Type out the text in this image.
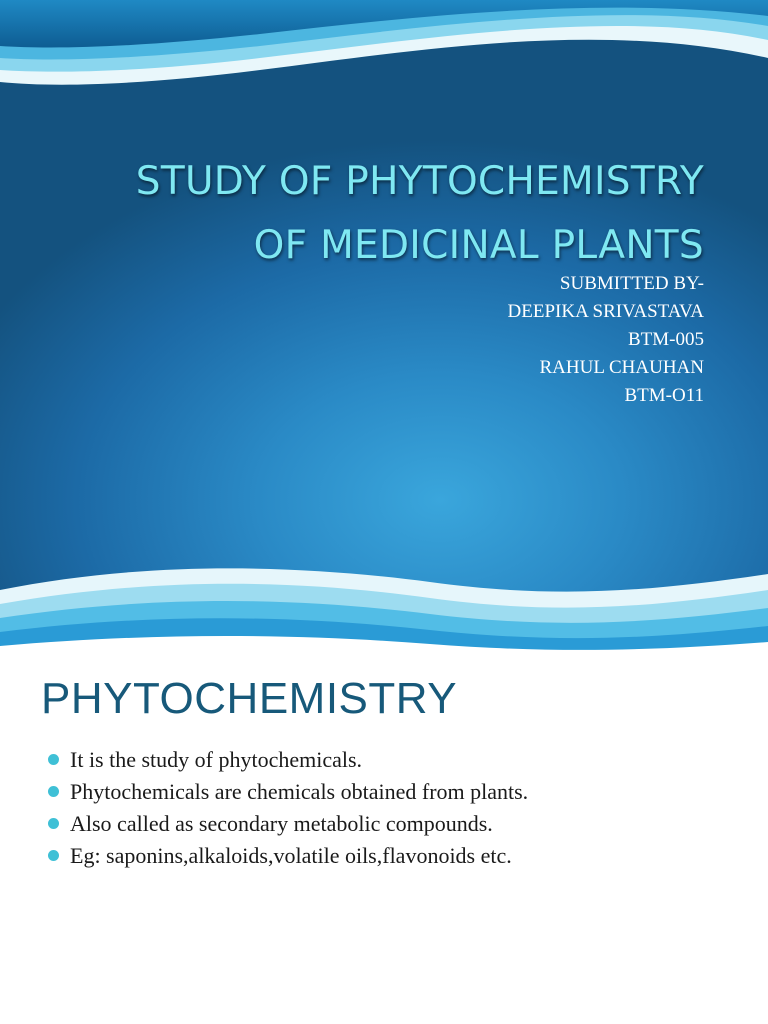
STUDY OF PHYTOCHEMISTRY
OF MEDICINAL PLANTS
SUBMITTED BY-
DEEPIKA SRIVASTAVA
BTM-005
RAHUL CHAUHAN
BTM-O11
PHYTOCHEMISTRY
It is the study of phytochemicals.
Phytochemicals are chemicals obtained from plants.
Also called as secondary metabolic compounds.
Eg: saponins,alkaloids,volatile oils,flavonoids etc.
